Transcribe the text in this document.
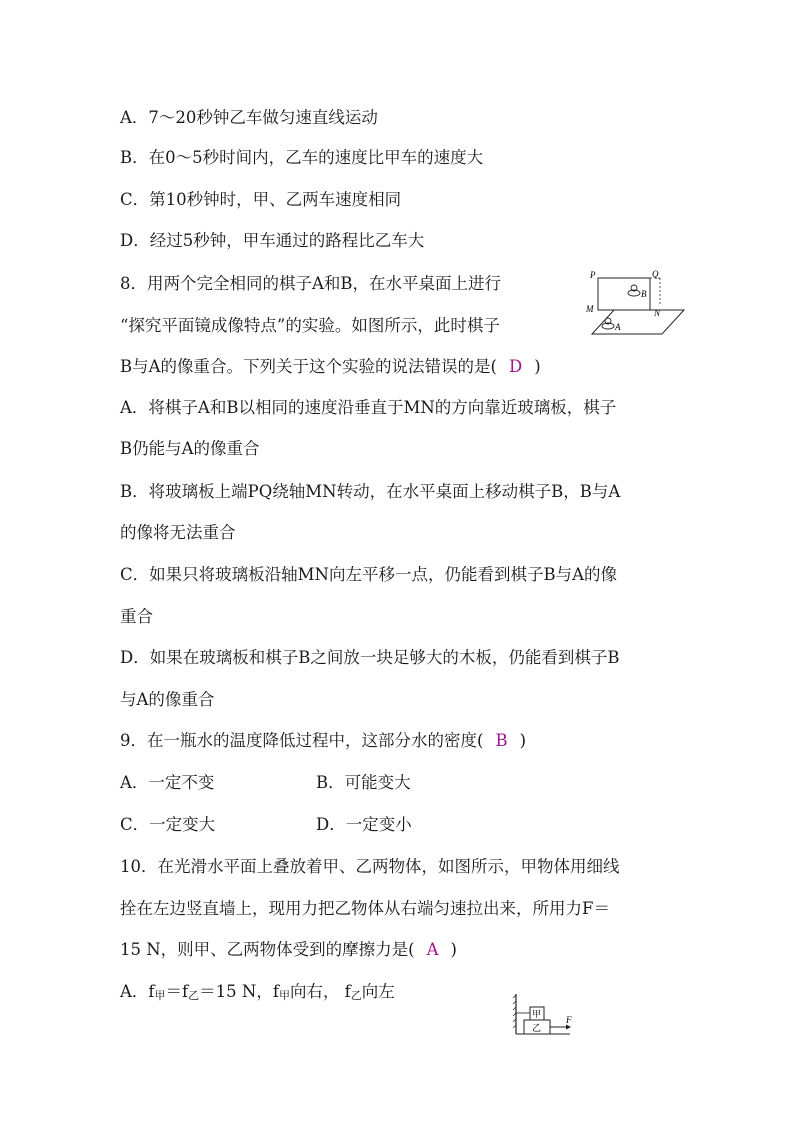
A．7～20秒钟乙车做匀速直线运动
B．在0～5秒时间内，乙车的速度比甲车的速度大
C．第10秒钟时，甲、乙两车速度相同
D．经过5秒钟，甲车通过的路程比乙车大
8．用两个完全相同的棋子A和B，在水平桌面上进行
“探究平面镜成像特点”的实验。如图所示，此时棋子
B与A的像重合。下列关于这个实验的说法错误的是( D )
P	Q
M	N
B
A
A．将棋子A和B以相同的速度沿垂直于MN的方向靠近玻璃板，棋子
B仍能与A的像重合
B．将玻璃板上端PQ绕轴MN转动，在水平桌面上移动棋子B，B与A
的像将无法重合
C．如果只将玻璃板沿轴MN向左平移一点，仍能看到棋子B与A的像
重合
D．如果在玻璃板和棋子B之间放一块足够大的木板，仍能看到棋子B
与A的像重合
9．在一瓶水的温度降低过程中，这部分水的密度( B )
A．一定不变	B．可能变大
C．一定变大	D．一定变小
10．在光滑水平面上叠放着甲、乙两物体，如图所示，甲物体用细线
拴在左边竖直墙上，现用力把乙物体从右端匀速拉出来，所用力F＝
15 N，则甲、乙两物体受到的摩擦力是( A )
A．f甲＝f乙＝15 N，f甲向右， f乙向左
甲
乙
F
